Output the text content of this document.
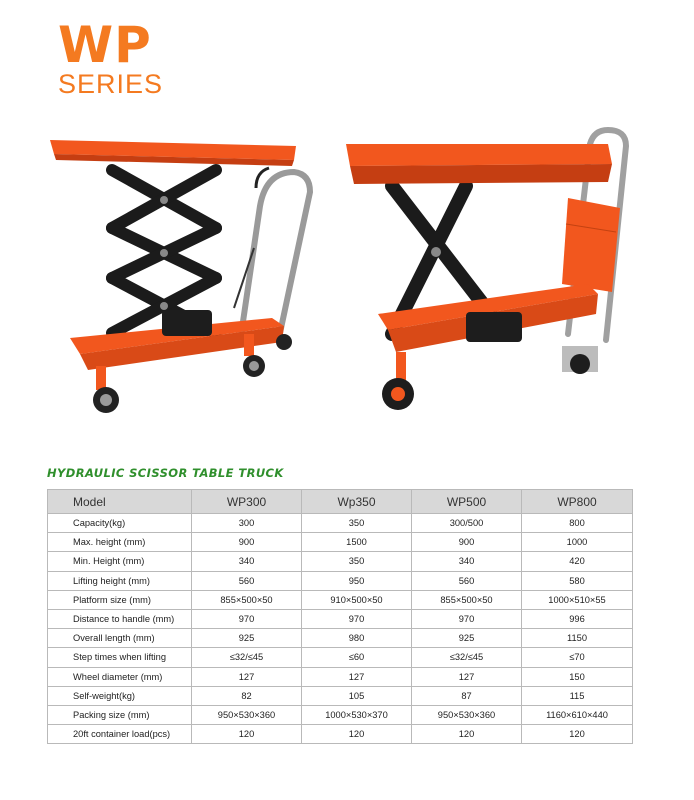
WP
SERIES
HYDRAULIC SCISSOR TABLE TRUCK
Model	WP300	Wp350	WP500	WP800
Capacity(kg)	300	350	300/500	800
Max. height (mm)	900	1500	900	1000
Min. Height (mm)	340	350	340	420
Lifting height (mm)	560	950	560	580
Platform size (mm)	855×500×50	910×500×50	855×500×50	1000×510×55
Distance to handle (mm)	970	970	970	996
Overall length (mm)	925	980	925	1150
Step times when lifting	≤32/≤45	≤60	≤32/≤45	≤70
Wheel diameter (mm)	127	127	127	150
Self-weight(kg)	82	105	87	115
Packing size (mm)	950×530×360	1000×530×370	950×530×360	1160×610×440
20ft container load(pcs)	120	120	120	120
